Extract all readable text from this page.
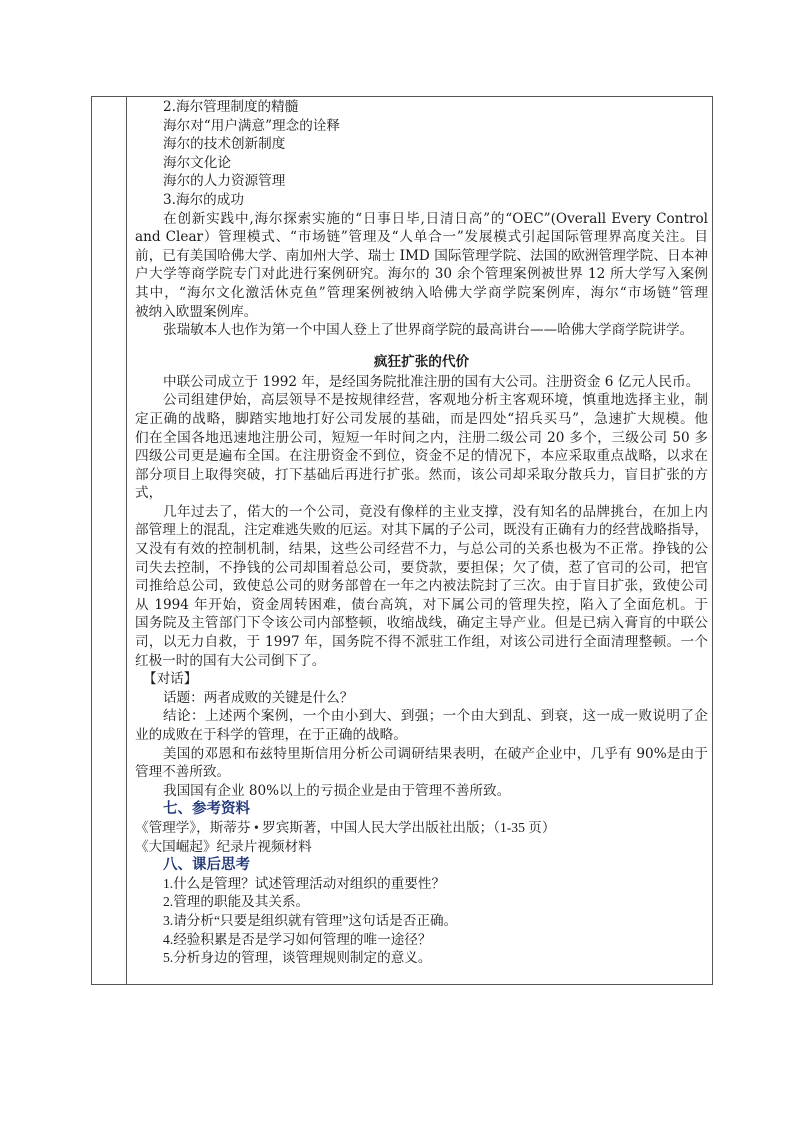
2.海尔管理制度的精髓
海尔对“用户满意”理念的诠释
海尔的技术创新制度
海尔文化论
海尔的人力资源管理
3.海尔的成功
在创新实践中,海尔探索实施的“日事日毕,日清日高”的“OEC”(Overall Every Control
and Clear）管理模式、“市场链”管理及“人单合一”发展模式引起国际管理界高度关注。目
前，已有美国哈佛大学、南加州大学、瑞士 IMD 国际管理学院、法国的欧洲管理学院、日本神
户大学等商学院专门对此进行案例研究。海尔的 30 余个管理案例被世界 12 所大学写入案例
其中，“海尔文化激活休克鱼”管理案例被纳入哈佛大学商学院案例库，海尔“市场链”管理
被纳入欧盟案例库。
张瑞敏本人也作为第一个中国人登上了世界商学院的最高讲台——哈佛大学商学院讲学。
疯狂扩张的代价
中联公司成立于 1992 年，是经国务院批准注册的国有大公司。注册资金 6 亿元人民币。
公司组建伊始，高层领导不是按规律经营，客观地分析主客观环境，慎重地选择主业，制
定正确的战略，脚踏实地地打好公司发展的基础，而是四处“招兵买马”，急速扩大规模。他
们在全国各地迅速地注册公司，短短一年时间之内，注册二级公司 20 多个，三级公司 50 多
四级公司更是遍布全国。在注册资金不到位，资金不足的情况下，本应采取重点战略，以求在
部分项目上取得突破，打下基础后再进行扩张。然而，该公司却采取分散兵力，盲目扩张的方
式，
几年过去了，偌大的一个公司，竟没有像样的主业支撑，没有知名的品牌挑台，在加上内
部管理上的混乱，注定难逃失败的厄运。对其下属的子公司，既没有正确有力的经营战略指导，
又没有有效的控制机制，结果，这些公司经营不力，与总公司的关系也极为不正常。挣钱的公
司失去控制，不挣钱的公司却围着总公司，要贷款，要担保；欠了债，惹了官司的公司，把官
司推给总公司，致使总公司的财务部曾在一年之内被法院封了三次。由于盲目扩张，致使公司
从 1994 年开始，资金周转困难，债台高筑，对下属公司的管理失控，陷入了全面危机。于
国务院及主管部门下令该公司内部整顿，收缩战线，确定主导产业。但是已病入膏肓的中联公
司，以无力自救，于 1997 年，国务院不得不派驻工作组，对该公司进行全面清理整顿。一个
红极一时的国有大公司倒下了。
【对话】
话题：两者成败的关键是什么？
结论：上述两个案例，一个由小到大、到强；一个由大到乱、到衰，这一成一败说明了企
业的成败在于科学的管理，在于正确的战略。
美国的邓恩和布兹特里斯信用分析公司调研结果表明，在破产企业中，几乎有 90%是由于
管理不善所致。
我国国有企业 80%以上的亏损企业是由于管理不善所致。
七、参考资料
《管理学》，斯蒂芬 • 罗宾斯著，中国人民大学出版社出版；（1-35 页）
《大国崛起》纪录片视频材料
八、课后思考
1.什么是管理？试述管理活动对组织的重要性？
2.管理的职能及其关系。
3.请分析“只要是组织就有管理”这句话是否正确。
4.经验积累是否是学习如何管理的唯一途径？
5.分析身边的管理，谈管理规则制定的意义。
